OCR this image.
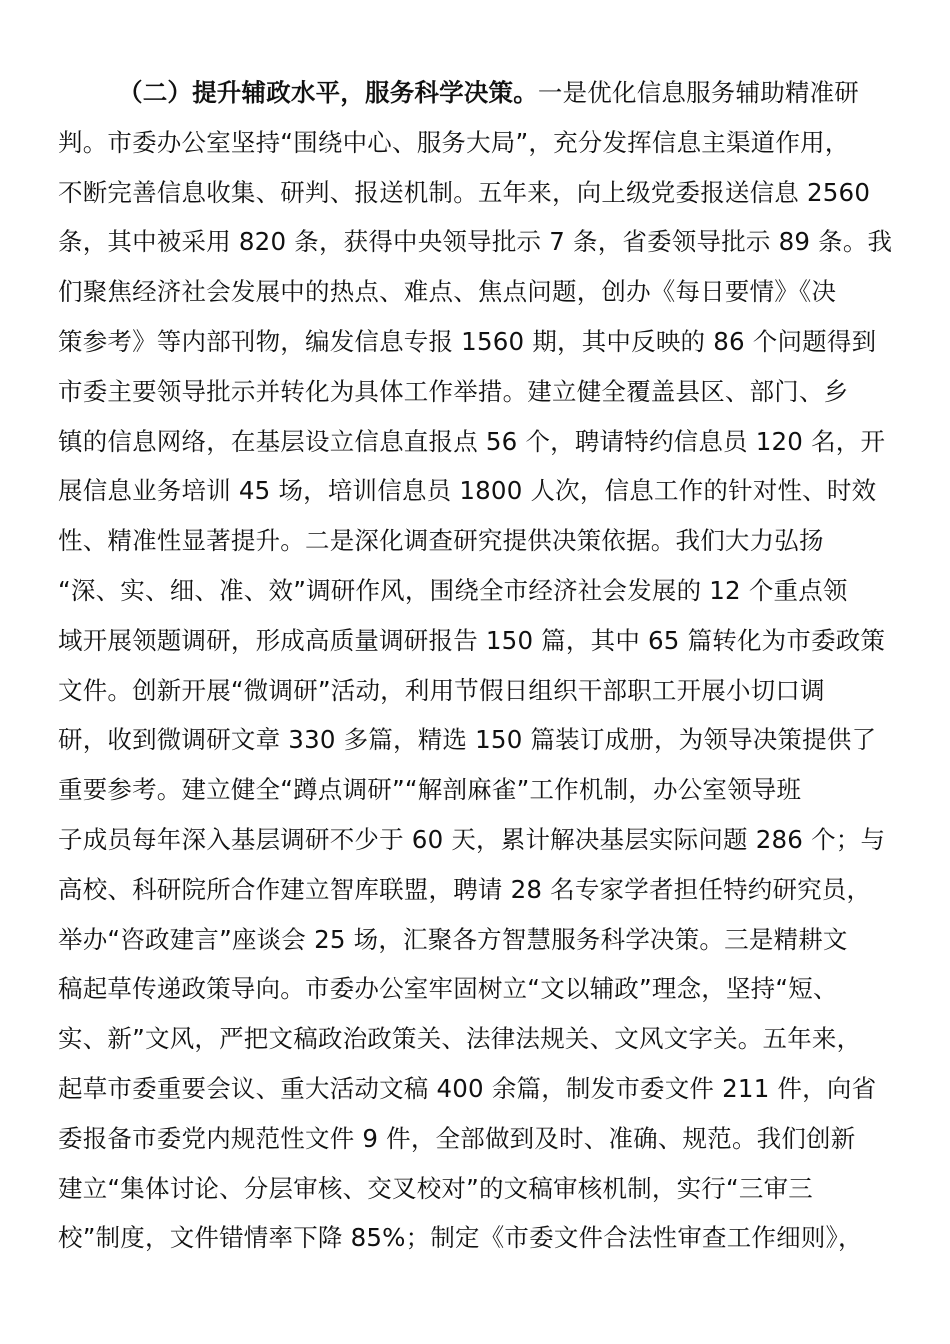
（二）提升辅政水平，服务科学决策。一是优化信息服务辅助精准研
判。市委办公室坚持“围绕中心、服务大局”，充分发挥信息主渠道作用，
不断完善信息收集、研判、报送机制。五年来，向上级党委报送信息 2560
条，其中被采用 820 条，获得中央领导批示 7 条，省委领导批示 89 条。我
们聚焦经济社会发展中的热点、难点、焦点问题，创办《每日要情》《决
策参考》等内部刊物，编发信息专报 1560 期，其中反映的 86 个问题得到
市委主要领导批示并转化为具体工作举措。建立健全覆盖县区、部门、乡
镇的信息网络，在基层设立信息直报点 56 个，聘请特约信息员 120 名，开
展信息业务培训 45 场，培训信息员 1800 人次，信息工作的针对性、时效
性、精准性显著提升。二是深化调查研究提供决策依据。我们大力弘扬
“深、实、细、准、效”调研作风，围绕全市经济社会发展的 12 个重点领
域开展领题调研，形成高质量调研报告 150 篇，其中 65 篇转化为市委政策
文件。创新开展“微调研”活动，利用节假日组织干部职工开展小切口调
研，收到微调研文章 330 多篇，精选 150 篇装订成册，为领导决策提供了
重要参考。建立健全“蹲点调研”“解剖麻雀”工作机制，办公室领导班
子成员每年深入基层调研不少于 60 天，累计解决基层实际问题 286 个；与
高校、科研院所合作建立智库联盟，聘请 28 名专家学者担任特约研究员，
举办“咨政建言”座谈会 25 场，汇聚各方智慧服务科学决策。三是精耕文
稿起草传递政策导向。市委办公室牢固树立“文以辅政”理念，坚持“短、
实、新”文风，严把文稿政治政策关、法律法规关、文风文字关。五年来，
起草市委重要会议、重大活动文稿 400 余篇，制发市委文件 211 件，向省
委报备市委党内规范性文件 9 件，全部做到及时、准确、规范。我们创新
建立“集体讨论、分层审核、交叉校对”的文稿审核机制，实行“三审三
校”制度，文件错情率下降 85%；制定《市委文件合法性审查工作细则》，
